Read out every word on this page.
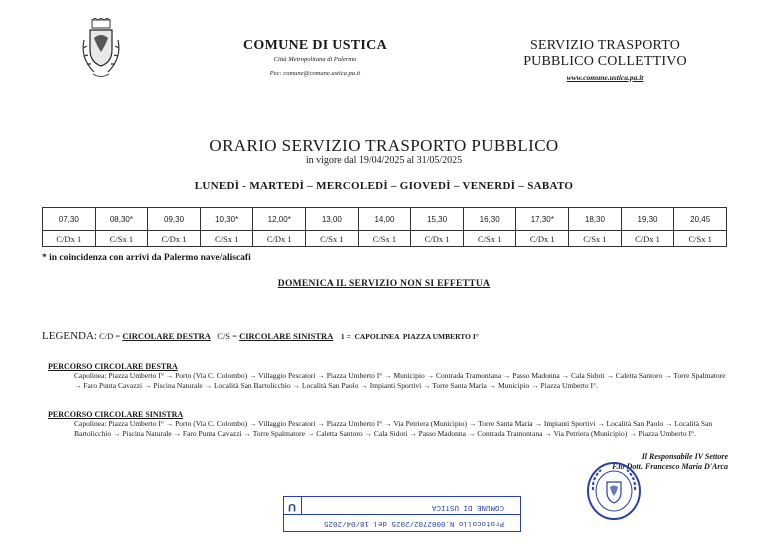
COMUNE DI USTICA
Città Metropolitana di Palermo
Pec: comune@comune.ustica.pa.it
SERVIZIO TRASPORTO
PUBBLICO COLLETTIVO
www.comune.ustica.pa.it
ORARIO SERVIZIO TRASPORTO PUBBLICO
in vigore dal 19/04/2025 al 31/05/2025
LUNEDÌ - MARTEDÌ – MERCOLEDÌ – GIOVEDÌ – VENERDÌ – SABATO
07,30	08,30*	09,30	10,30*	12,00*	13,00	14,00	15,30	16,30	17,30*	18,30	19,30	20,45
C/Dx 1	C/Sx 1	C/Dx 1	C/Sx 1	C/Dx 1	C/Sx 1	C/Sx 1	C/Dx 1	C/Sx 1	C/Dx 1	C/Sx 1	C/Dx 1	C/Sx 1
* in coincidenza con arrivi da Palermo nave/aliscafi
DOMENICA IL SERVIZIO NON SI EFFETTUA
LEGENDA: C/D = CIRCOLARE DESTRA   C/S = CIRCOLARE SINISTRA    1 =  CAPOLINEA  PIAZZA UMBERTO I°
PERCORSO CIRCOLARE DESTRA
Capolinea: Piazza Umberto I° → Porto (Via C. Colombo) → Villaggio Pescatori → Piazza Umberto I° → Municipio → Contrada Tramontana → Passo Madonna → Cala Sidoti → Caletta Santoro → Torre Spalmatore → Faro Punta Cavazzi → Piscina Naturale → Località San Bartolicchio → Località San Paolo → Impianti Sportivi → Torre Santa Maria → Municipio → Piazza Umberto I°.
PERCORSO CIRCOLARE SINISTRA
Capolinea: Piazza Umberto I° → Porto (Via C. Colombo) → Villaggio Pescatori → Piazza Umberto I° → Via Petriera (Municipio) → Torre Santa Maria → Impianti Sportivi → Località San Paolo → Località San Bartolicchio → Piscina Naturale → Faro Punta Cavazzi → Torre Spalmatore → Caletta Santoro → Cala Sidoti → Passo Madonna → Contrada Tramontana → Via Petriera (Municipio) → Piazza Umberto I°.
Il Responsabile IV Settore
F.to Dott. Francesco Maria D'Arca
Protocollo N.0002702/2025 del 18/04/2025
COMUNE DI USTICA
U
